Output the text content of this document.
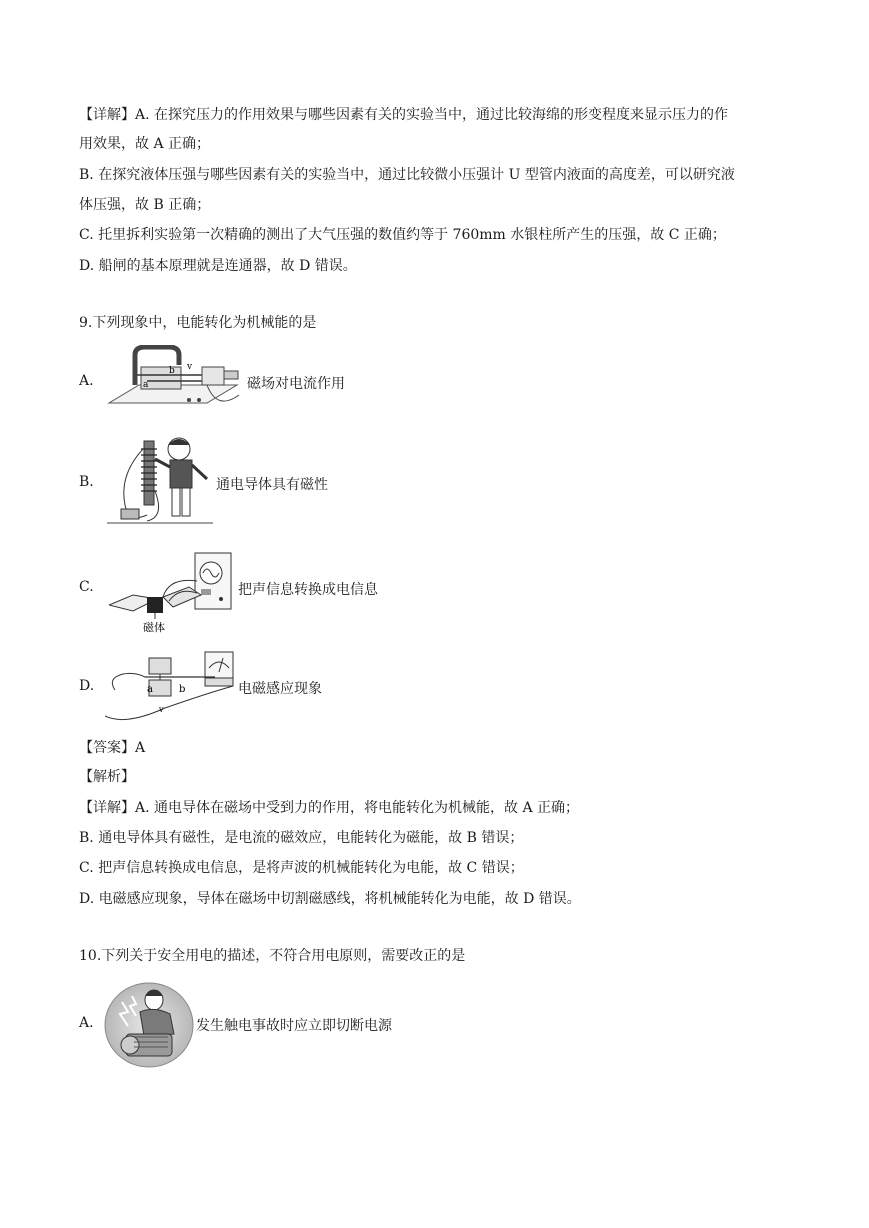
【详解】A. 在探究压力的作用效果与哪些因素有关的实验当中，通过比较海绵的形变程度来显示压力的作
用效果，故 A 正确；
B. 在探究液体压强与哪些因素有关的实验当中，通过比较微小压强计 U 型管内液面的高度差，可以研究液
体压强，故 B 正确；
C. 托里拆利实验第一次精确的测出了大气压强的数值约等于 760mm 水银柱所产生的压强，故 C 正确；
D. 船闸的基本原理就是连通器，故 D 错误。
9.下列现象中，电能转化为机械能的是
A.
b v
a	磁场对电流作用
B.	通电导体具有磁性
C.
磁体
把声信息转换成电信息
D.	a	b
v
电磁感应现象
【答案】A
【解析】
【详解】A. 通电导体在磁场中受到力的作用，将电能转化为机械能，故 A 正确；
B. 通电导体具有磁性，是电流的磁效应，电能转化为磁能，故 B 错误；
C. 把声信息转换成电信息，是将声波的机械能转化为电能，故 C 错误；
D. 电磁感应现象，导体在磁场中切割磁感线，将机械能转化为电能，故 D 错误。
10.下列关于安全用电的描述，不符合用电原则，需要改正的是
A.	发生触电事故时应立即切断电源
